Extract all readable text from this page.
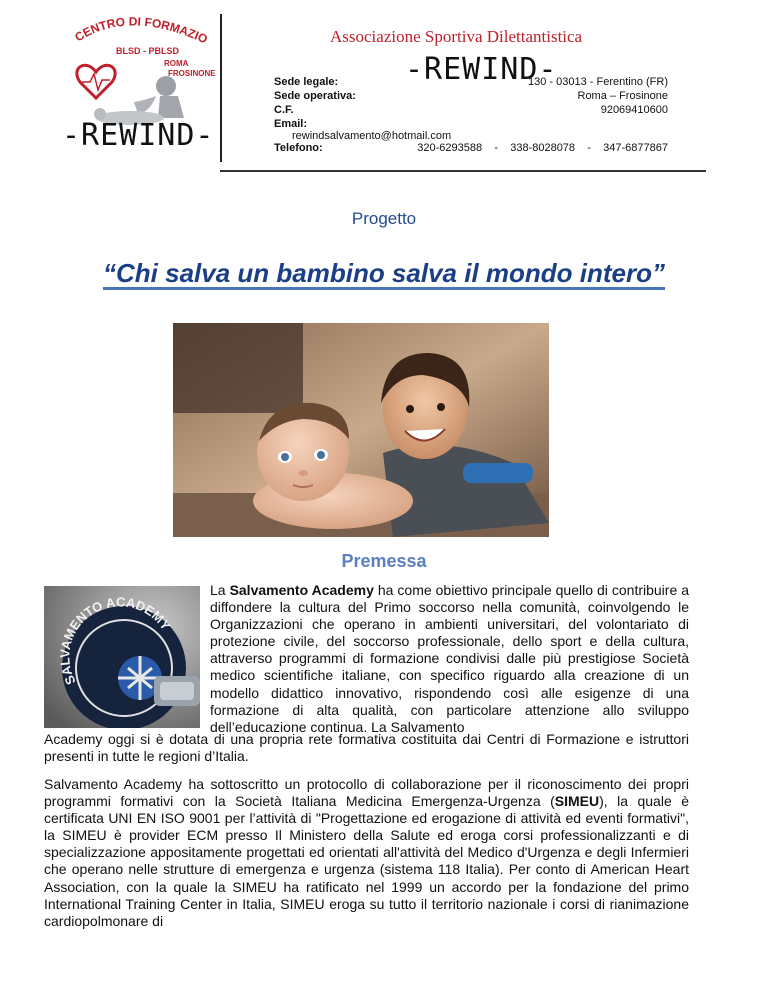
CENTRO DI FORMAZIO
BLSD - PBLSD
ROMA
FROSINONE
-REWIND-
Associazione Sportiva Dilettantistica
-REWIND-
Sede legale:	130 - 03013 - Ferentino (FR)
Sede operativa:	Roma – Frosinone
C.F.	92069410600
Email:
rewindsalvamento@hotmail.com
Telefono:	320-6293588    -    338-8028078    -    347-6877867
Progetto
“Chi salva un bambino salva il mondo intero”
Premessa
SALVAMENTO ACADEMY

La Salvamento Academy ha come obiettivo principale quello di contribuire a diffondere la cultura del Primo soccorso nella comunità, coinvolgendo le Organizzazioni che operano in ambienti universitari, del volontariato di protezione civile, del soccorso professionale, dello sport e della cultura, attraverso programmi di formazione condivisi dalle più prestigiose Società medico scientifiche italiane, con specifico riguardo alla creazione di un modello didattico innovativo, rispondendo così alle esigenze di una formazione di alta qualità, con particolare attenzione allo sviluppo dell’educazione continua. La Salvamento

Academy oggi si è dotata di una propria rete formativa costituita dai Centri di Formazione e istruttori presenti in tutte le regioni d’Italia.

Salvamento Academy ha sottoscritto un protocollo di collaborazione per il riconoscimento dei propri programmi formativi con la Società Italiana Medicina Emergenza-Urgenza (SIMEU), la quale è certificata UNI EN ISO 9001 per l’attività di "Progettazione ed erogazione di attività ed eventi formativi", la SIMEU è provider ECM presso Il Ministero della Salute ed eroga corsi professionalizzanti e di specializzazione appositamente progettati ed orientati all'attività del Medico d'Urgenza e degli Infermieri che operano nelle strutture di emergenza e urgenza (sistema 118 Italia). Per conto di American Heart Association, con la quale la SIMEU ha ratificato nel 1999 un accordo per la fondazione del primo International Training Center in Italia, SIMEU eroga su tutto il territorio nazionale i corsi di rianimazione cardiopolmonare di
